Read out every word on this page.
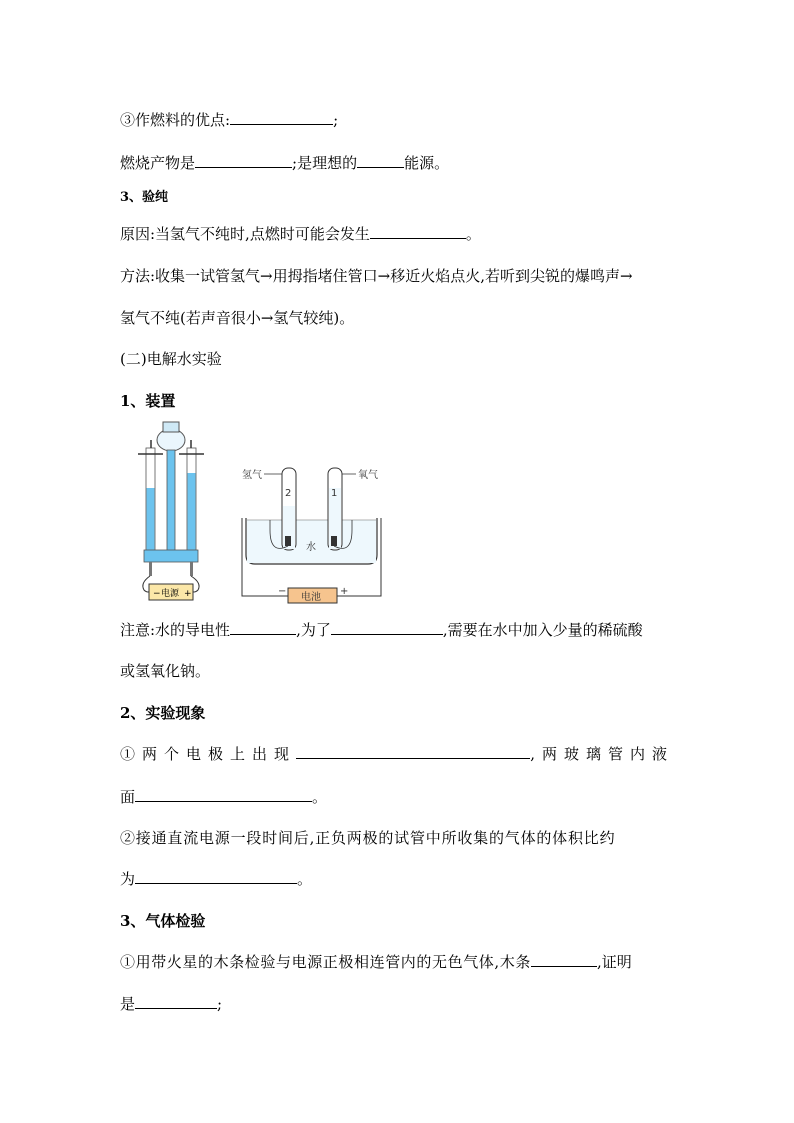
③作燃料的优点:	;
燃烧产物是	;是理想的	能源。
3、验纯
原因:当氢气不纯时,点燃时可能会发生	。
方法:收集一试管氢气→用拇指堵住管口→移近火焰点火,若听到尖锐的爆鸣声→
氢气不纯(若声音很小→氢气较纯)。
(二)电解水实验
1、装置
− 电源 +
氢气	氧气
2	1
水
电池
−	+
注意:水的导电性	,为了	,需要在水中加入少量的稀硫酸
或氢氧化钠。
2、实验现象
①两个电极上出现	,两玻璃管内液
面	。
②接通直流电源一段时间后,正负两极的试管中所收集的气体的体积比约
为	。
3、气体检验
①用带火星的木条检验与电源正极相连管内的无色气体,木条	,证明
是	;
